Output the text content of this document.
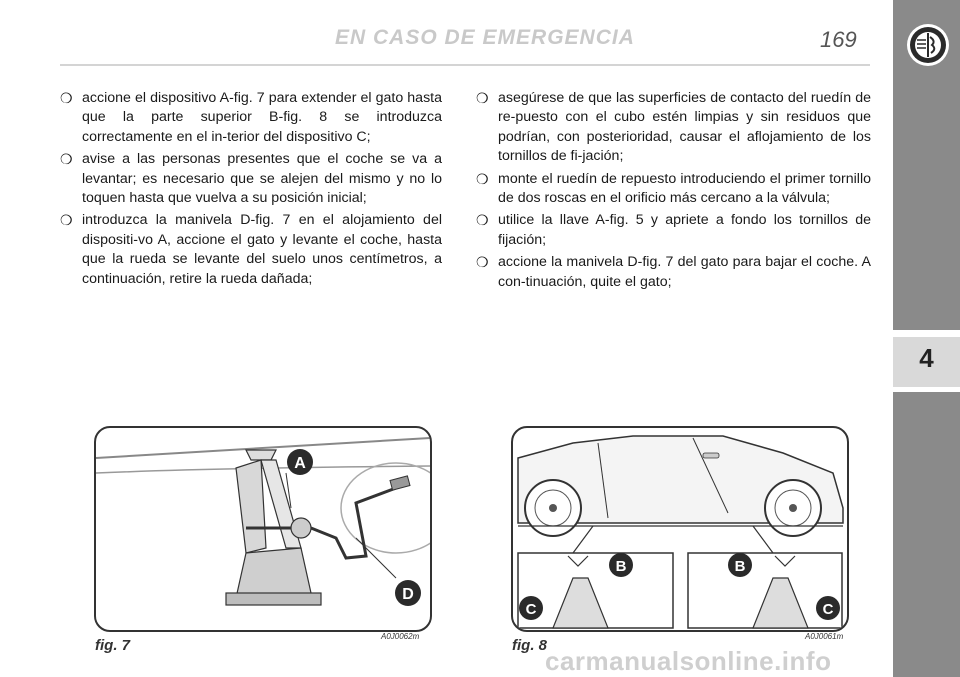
EN CASO DE EMERGENCIA	169
4
❍ accione el dispositivo A-fig. 7 para extender el gato hasta que la parte superior B-fig. 8 se introduzca correctamente en el in-terior del dispositivo C;
❍ avise a las personas presentes que el coche se va a levantar; es necesario que se alejen del mismo y no lo toquen hasta que vuelva a su posición inicial;
❍ introduzca la manivela D-fig. 7 en el alojamiento del dispositi-vo A, accione el gato y levante el coche, hasta que la rueda se levante del suelo unos centímetros, a continuación, retire la rueda dañada;
❍ asegúrese de que las superficies de contacto del ruedín de re-puesto con el cubo estén limpias y sin residuos que podrían, con posterioridad, causar el aflojamiento de los tornillos de fi-jación;
❍ monte el ruedín de repuesto introduciendo el primer tornillo de dos roscas en el orificio más cercano a la válvula;
❍ utilice la llave A-fig. 5 y apriete a fondo los tornillos de fijación;
❍ accione la manivela D-fig. 7 del gato para bajar el coche. A con-tinuación, quite el gato;
A
D
fig. 7
A0J0062m
B
C
B
C
fig. 8
A0J0061m
carmanualsonline.info
